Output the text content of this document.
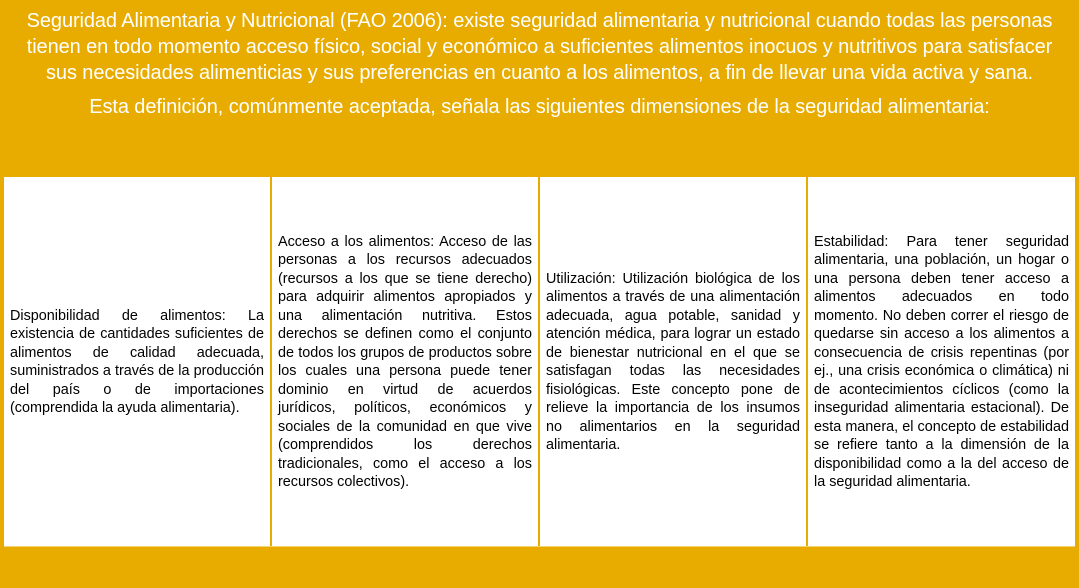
Seguridad Alimentaria y Nutricional (FAO 2006): existe seguridad alimentaria y nutricional cuando todas las personas tienen en todo momento acceso físico, social y económico a suficientes alimentos inocuos y nutritivos para satisfacer sus necesidades alimenticias y sus preferencias en cuanto a los alimentos, a fin de llevar una vida activa y sana.

Esta definición, comúnmente aceptada, señala las siguientes dimensiones de la seguridad alimentaria:

Disponibilidad de alimentos: La existencia de cantidades suficientes de alimentos de calidad adecuada, suministrados a través de la producción del país o de importaciones (comprendida la ayuda alimentaria).

Acceso a los alimentos: Acceso de las personas a los recursos adecuados (recursos a los que se tiene derecho) para adquirir alimentos apropiados y una alimentación nutritiva. Estos derechos se definen como el conjunto de todos los grupos de productos sobre los cuales una persona puede tener dominio en virtud de acuerdos jurídicos, políticos, económicos y sociales de la comunidad en que vive (comprendidos los derechos tradicionales, como el acceso a los recursos colectivos).

Utilización: Utilización biológica de los alimentos a través de una alimentación adecuada, agua potable, sanidad y atención médica, para lograr un estado de bienestar nutricional en el que se satisfagan todas las necesidades fisiológicas. Este concepto pone de relieve la importancia de los insumos no alimentarios en la seguridad alimentaria.

Estabilidad: Para tener seguridad alimentaria, una población, un hogar o una persona deben tener acceso a alimentos adecuados en todo momento. No deben correr el riesgo de quedarse sin acceso a los alimentos a consecuencia de crisis repentinas (por ej., una crisis económica o climática) ni de acontecimientos cíclicos (como la inseguridad alimentaria estacional). De esta manera, el concepto de estabilidad se refiere tanto a la dimensión de la disponibilidad como a la del acceso de la seguridad alimentaria.
